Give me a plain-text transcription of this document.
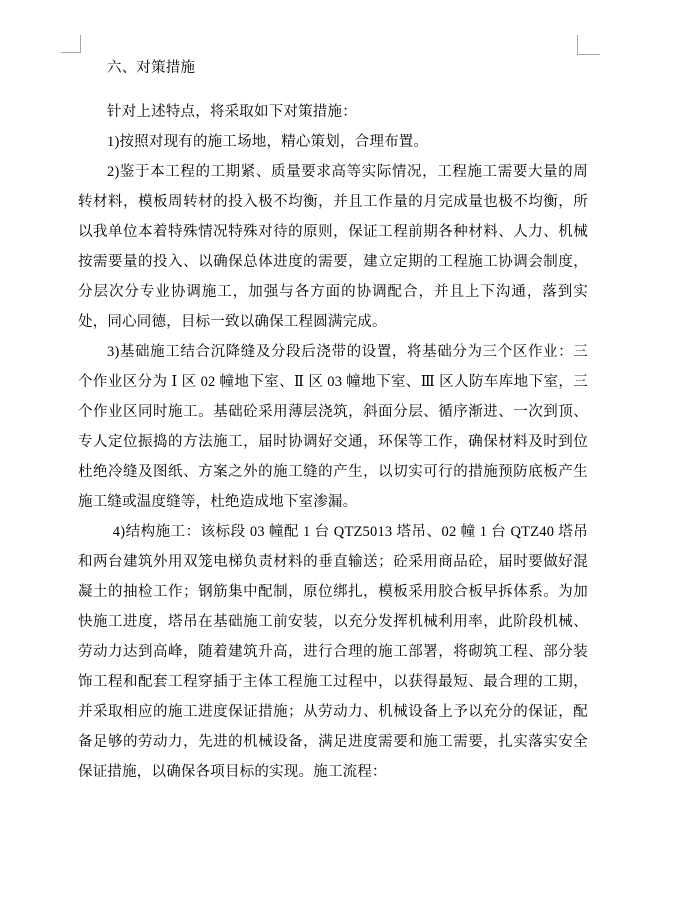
六、对策措施

针对上述特点，将采取如下对策措施：

1)按照对现有的施工场地，精心策划，合理布置。

2)鉴于本工程的工期紧、质量要求高等实际情况，工程施工需要大量的周转材料，模板周转材的投入极不均衡，并且工作量的月完成量也极不均衡，所以我单位本着特殊情况特殊对待的原则，保证工程前期各种材料、人力、机械按需要量的投入、以确保总体进度的需要，建立定期的工程施工协调会制度，分层次分专业协调施工，加强与各方面的协调配合，并且上下沟通，落到实处，同心同德，目标一致以确保工程圆满完成。

3)基础施工结合沉降缝及分段后浇带的设置，将基础分为三个区作业：三个作业区分为 Ⅰ 区 02 幢地下室、Ⅱ 区 03 幢地下室、Ⅲ 区人防车库地下室，三个作业区同时施工。基础砼采用薄层浇筑，斜面分层、循序渐进、一次到顶、专人定位振捣的方法施工，届时协调好交通，环保等工作，确保材料及时到位杜绝冷缝及图纸、方案之外的施工缝的产生，以切实可行的措施预防底板产生施工缝或温度缝等，杜绝造成地下室渗漏。

4)结构施工：该标段 03 幢配 1 台 QTZ5013 塔吊、02 幢 1 台 QTZ40 塔吊和两台建筑外用双笼电梯负责材料的垂直输送；砼采用商品砼，届时要做好混凝土的抽检工作；钢筋集中配制，原位绑扎，模板采用胶合板早拆体系。为加快施工进度，塔吊在基础施工前安装，以充分发挥机械利用率，此阶段机械、劳动力达到高峰，随着建筑升高，进行合理的施工部署，将砌筑工程、部分装饰工程和配套工程穿插于主体工程施工过程中，以获得最短、最合理的工期，并采取相应的施工进度保证措施；从劳动力、机械设备上予以充分的保证，配备足够的劳动力，先进的机械设备，满足进度需要和施工需要，扎实落实安全保证措施，以确保各项目标的实现。施工流程：
